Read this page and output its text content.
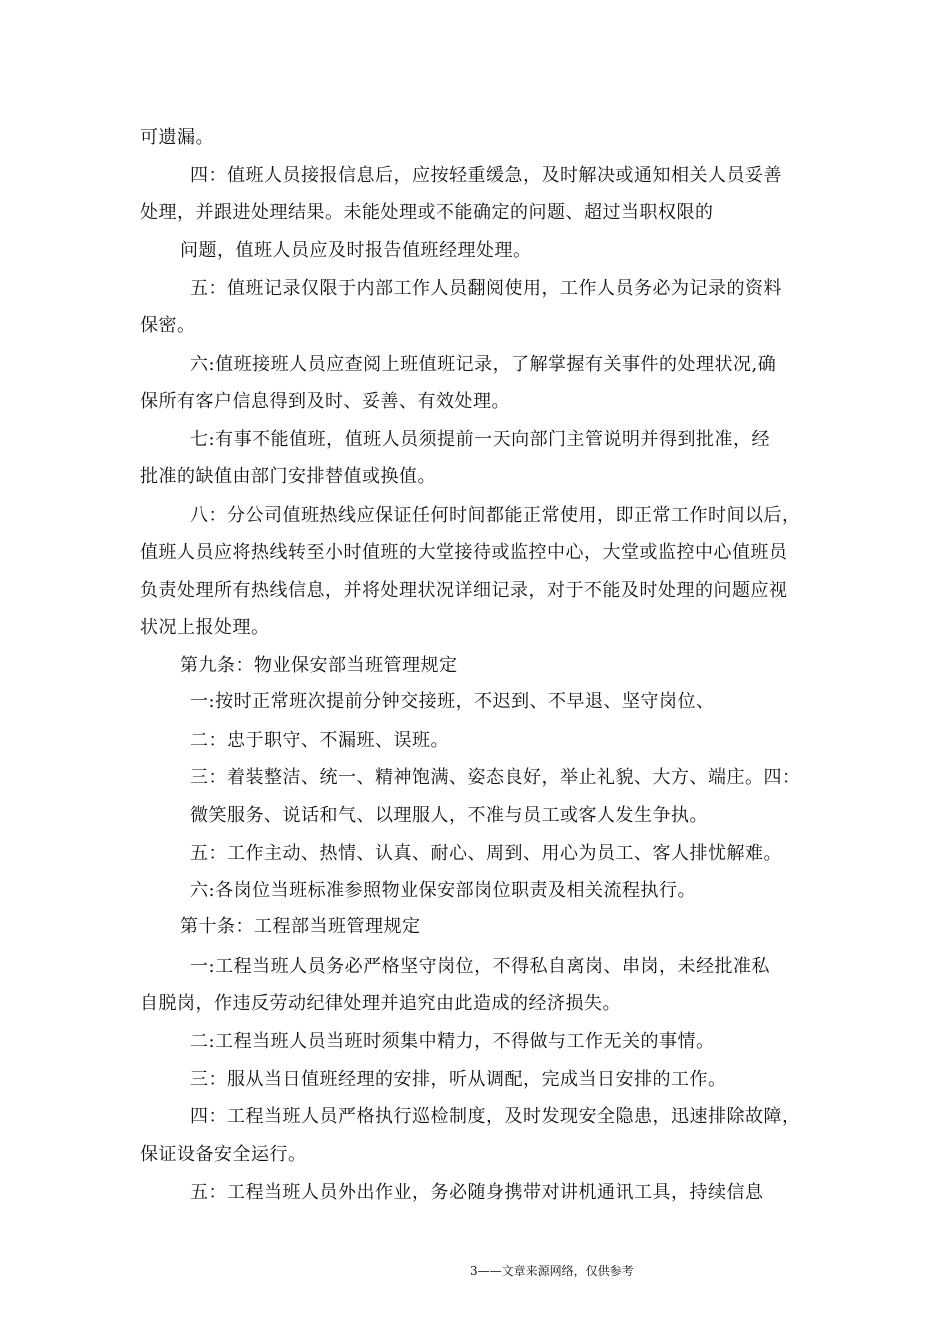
可遗漏。
四：值班人员接报信息后，应按轻重缓急，及时解决或通知相关人员妥善
处理，并跟进处理结果。未能处理或不能确定的问题、超过当职权限的
问题，值班人员应及时报告值班经理处理。
五：值班记录仅限于内部工作人员翻阅使用，工作人员务必为记录的资料
保密。
六:值班接班人员应查阅上班值班记录，了解掌握有关事件的处理状况,确
保所有客户信息得到及时、妥善、有效处理。
七:有事不能值班，值班人员须提前一天向部门主管说明并得到批准，经
批准的缺值由部门安排替值或换值。
八：分公司值班热线应保证任何时间都能正常使用，即正常工作时间以后，
值班人员应将热线转至小时值班的大堂接待或监控中心，大堂或监控中心值班员
负责处理所有热线信息，并将处理状况详细记录，对于不能及时处理的问题应视
状况上报处理。
第九条：物业保安部当班管理规定
一:按时正常班次提前分钟交接班，不迟到、不早退、坚守岗位、
二：忠于职守、不漏班、误班。
三：着装整洁、统一、精神饱满、姿态良好，举止礼貌、大方、端庄。四：
微笑服务、说话和气、以理服人，不准与员工或客人发生争执。
五：工作主动、热情、认真、耐心、周到、用心为员工、客人排忧解难。
六:各岗位当班标准参照物业保安部岗位职责及相关流程执行。
第十条：工程部当班管理规定
一:工程当班人员务必严格坚守岗位，不得私自离岗、串岗，未经批准私
自脱岗，作违反劳动纪律处理并追究由此造成的经济损失。
二:工程当班人员当班时须集中精力，不得做与工作无关的事情。
三：服从当日值班经理的安排，听从调配，完成当日安排的工作。
四：工程当班人员严格执行巡检制度，及时发现安全隐患，迅速排除故障，
保证设备安全运行。
五：工程当班人员外出作业，务必随身携带对讲机通讯工具，持续信息
3——文章来源网络，仅供参考
